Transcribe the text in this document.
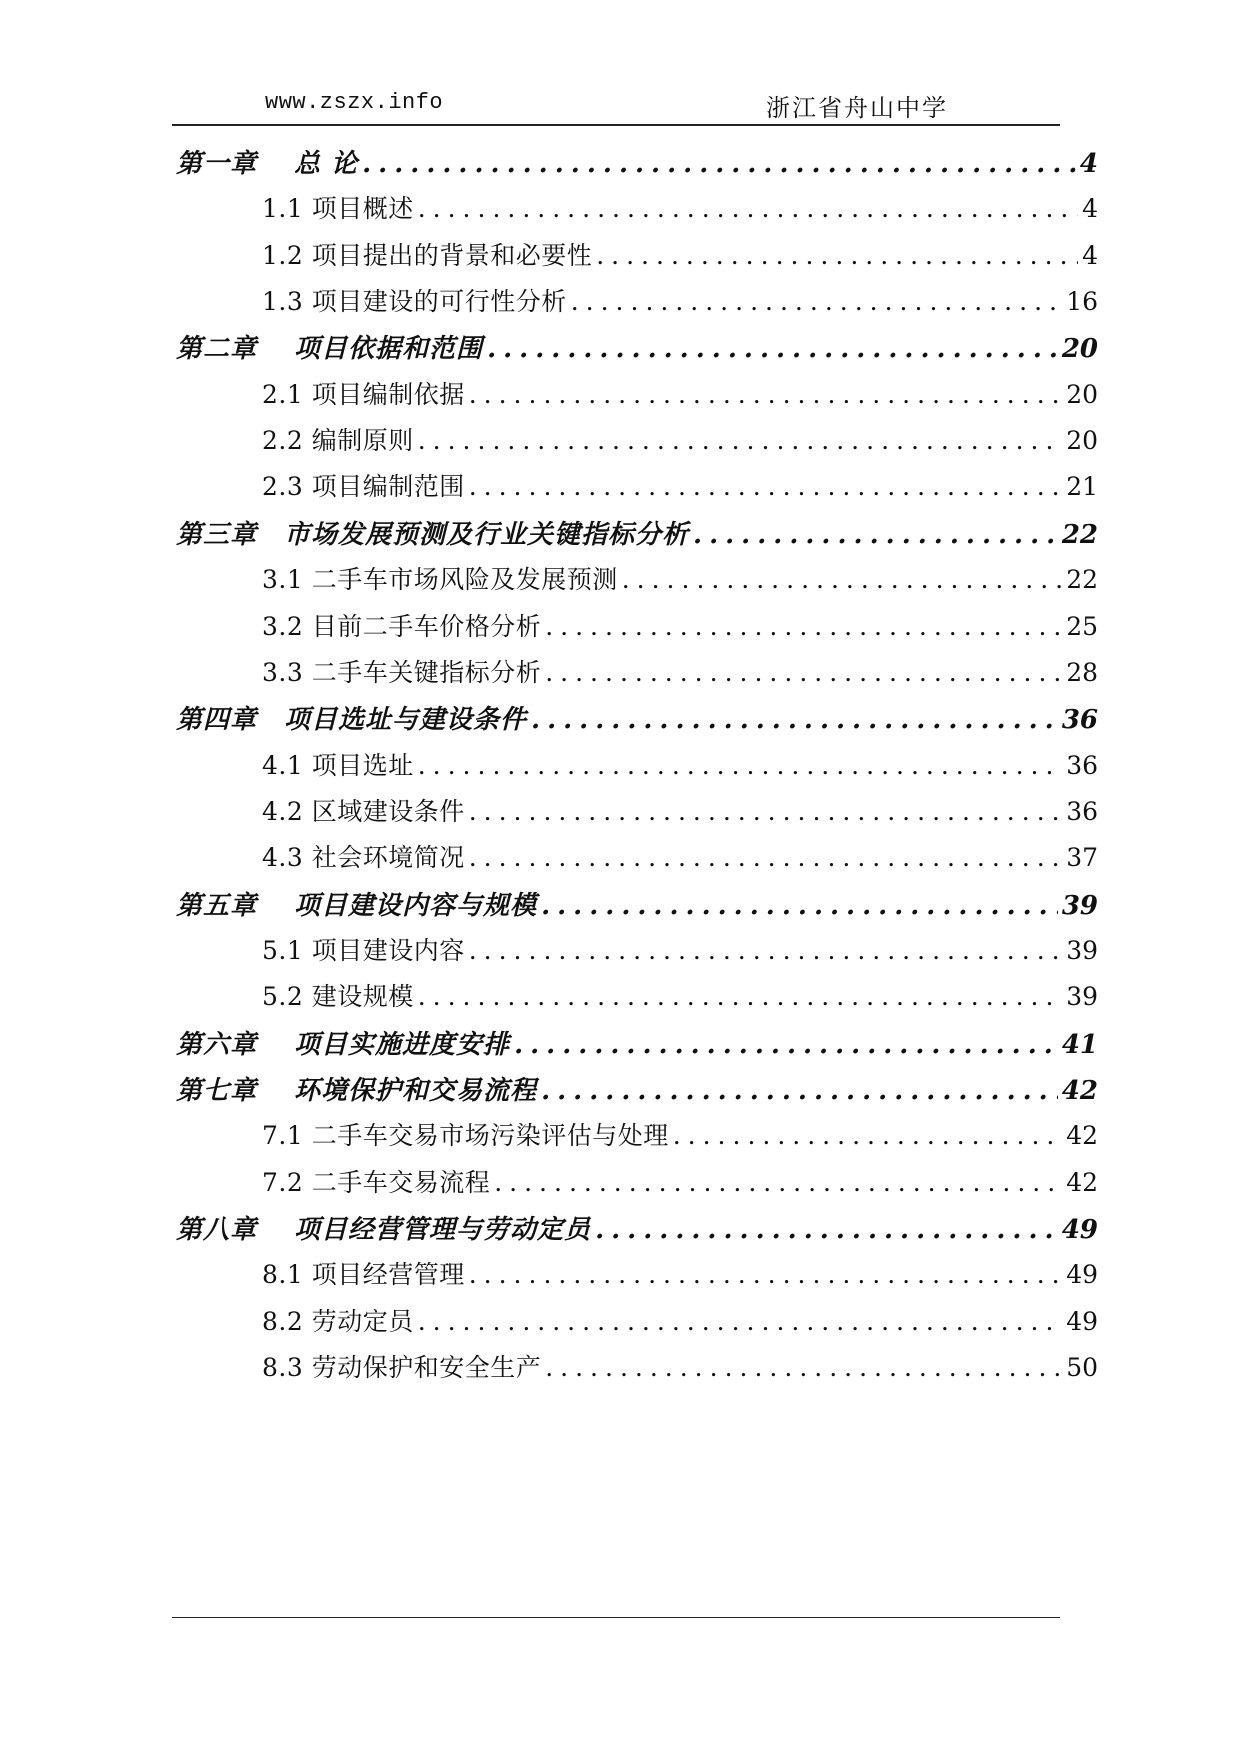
www.zszx.info	浙江省舟山中学
第一章　 总 论 .....	4
1.1 项目概述 .....	4
1.2 项目提出的背景和必要性 .....	4
1.3 项目建设的可行性分析 .....	16
第二章　 项目依据和范围 .....	20
2.1 项目编制依据 .....	20
2.2 编制原则 .....	20
2.3 项目编制范围 .....	21
第三章　市场发展预测及行业关键指标分析 .....	22
3.1 二手车市场风险及发展预测 .....	22
3.2 目前二手车价格分析 .....	25
3.3 二手车关键指标分析 .....	28
第四章　项目选址与建设条件 .....	36
4.1 项目选址 .....	36
4.2 区域建设条件 .....	36
4.3 社会环境简况 .....	37
第五章　 项目建设内容与规模 .....	39
5.1 项目建设内容 .....	39
5.2 建设规模 .....	39
第六章　 项目实施进度安排 .....	41
第七章　 环境保护和交易流程 .....	42
7.1 二手车交易市场污染评估与处理 .....	42
7.2 二手车交易流程 .....	42
第八章　 项目经营管理与劳动定员 .....	49
8.1 项目经营管理 .....	49
8.2 劳动定员 .....	49
8.3 劳动保护和安全生产 .....	50
